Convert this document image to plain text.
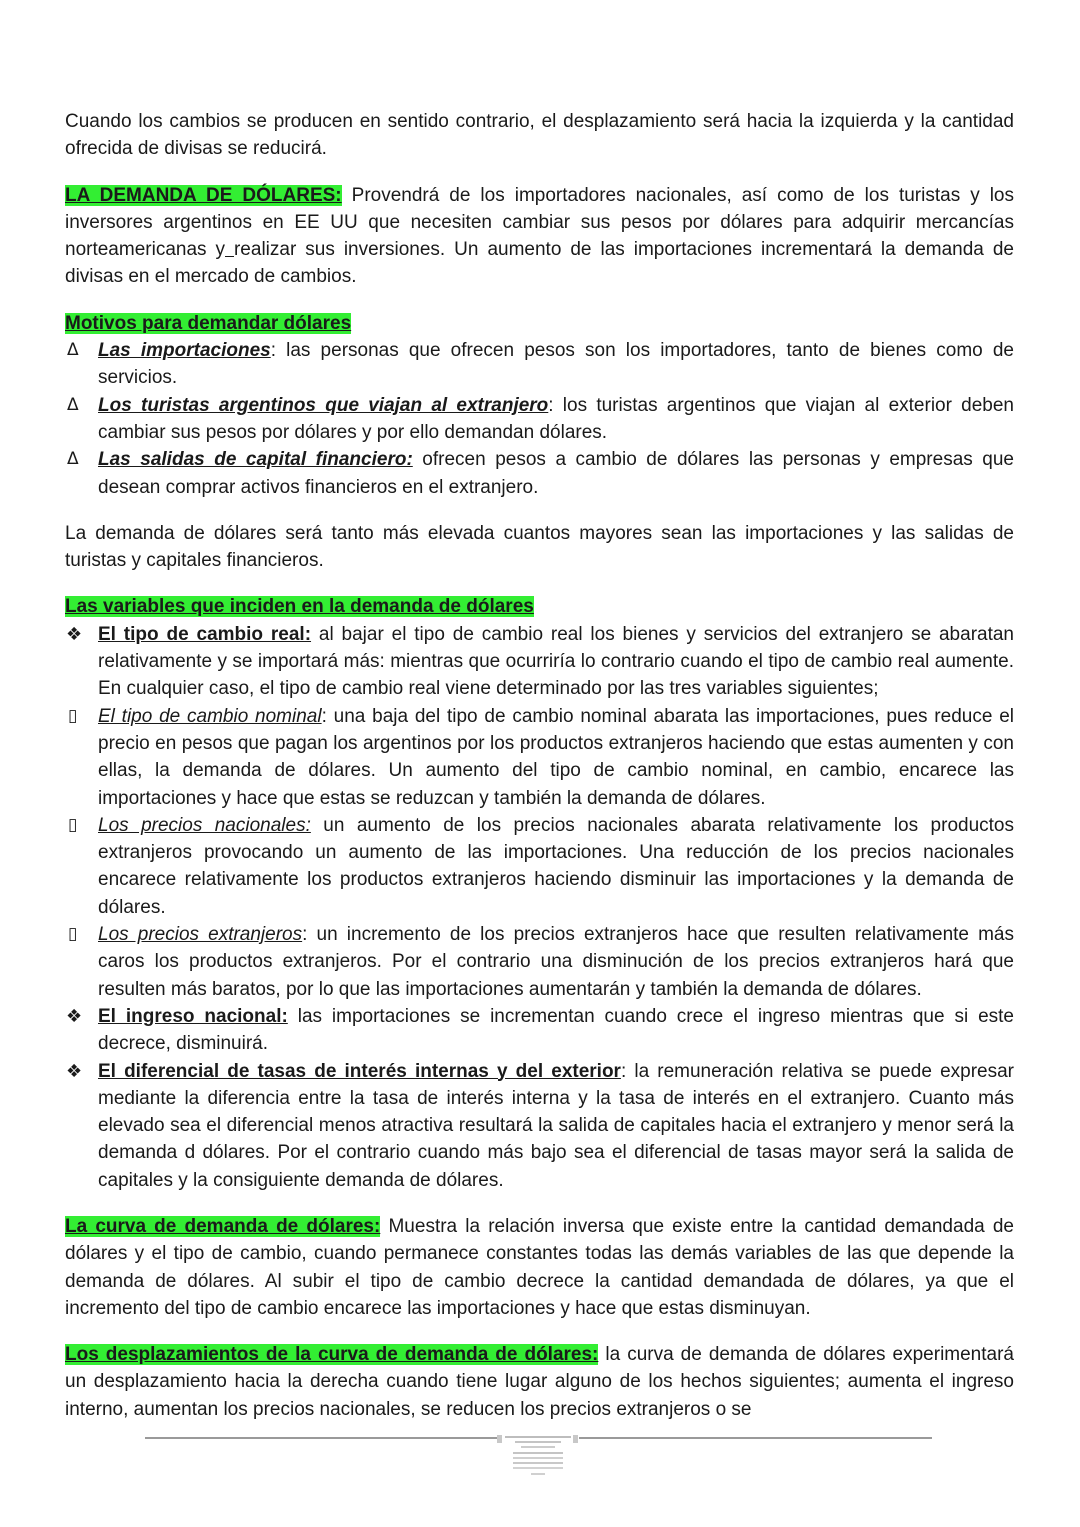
Cuando los cambios se producen en sentido contrario, el desplazamiento será hacia la izquierda y la cantidad ofrecida de divisas se reducirá.

LA DEMANDA DE DÓLARES: Provendrá de los importadores nacionales, así como de los turistas y los inversores argentinos en EE UU que necesiten cambiar sus pesos por dólares para adquirir mercancías norteamericanas y realizar sus inversiones. Un aumento de las importaciones incrementará la demanda de divisas en el mercado de cambios.

Motivos para demandar dólares
Δ	Las importaciones: las personas que ofrecen pesos son los importadores, tanto de bienes como de servicios.
Δ	Los turistas argentinos que viajan al extranjero: los turistas argentinos que viajan al exterior deben cambiar sus pesos por dólares y por ello demandan dólares.
Δ	Las salidas de capital financiero: ofrecen pesos a cambio de dólares las personas y empresas que desean comprar activos financieros en el extranjero.

La demanda de dólares será tanto más elevada cuantos mayores sean las importaciones y las salidas de turistas y capitales financieros.

Las variables que inciden en la demanda de dólares
❖ El tipo de cambio real: al bajar el tipo de cambio real los bienes y servicios del extranjero se abaratan relativamente y se importará más: mientras que ocurriría lo contrario cuando el tipo de cambio real aumente. En cualquier caso, el tipo de cambio real viene determinado por las tres variables siguientes;
▯	El tipo de cambio nominal: una baja del tipo de cambio nominal abarata las importaciones, pues reduce el precio en pesos que pagan los argentinos por los productos extranjeros haciendo que estas aumenten y con ellas, la demanda de dólares. Un aumento del tipo de cambio nominal, en cambio, encarece las importaciones y hace que estas se reduzcan y también la demanda de dólares.
▯	Los precios nacionales: un aumento de los precios nacionales abarata relativamente los productos extranjeros provocando un aumento de las importaciones. Una reducción de los precios nacionales encarece relativamente los productos extranjeros haciendo disminuir las importaciones y la demanda de dólares.
▯	Los precios extranjeros: un incremento de los precios extranjeros hace que resulten relativamente más caros los productos extranjeros. Por el contrario una disminución de los precios extranjeros hará que resulten más baratos, por lo que las importaciones aumentarán y también la demanda de dólares.
❖ El ingreso nacional: las importaciones se incrementan cuando crece el ingreso mientras que si este decrece, disminuirá.
❖ El diferencial de tasas de interés internas y del exterior: la remuneración relativa se puede expresar mediante la diferencia entre la tasa de interés interna y la tasa de interés en el extranjero. Cuanto más elevado sea el diferencial menos atractiva resultará la salida de capitales hacia el extranjero y menor será la demanda d dólares. Por el contrario cuando más bajo sea el diferencial de tasas mayor será la salida de capitales y la consiguiente demanda de dólares.

La curva de demanda de dólares: Muestra la relación inversa que existe entre la cantidad demandada de dólares y el tipo de cambio, cuando permanece constantes todas las demás variables de las que depende la demanda de dólares. Al subir el tipo de cambio decrece la cantidad demandada de dólares, ya que el incremento del tipo de cambio encarece las importaciones y hace que estas disminuyan.

Los desplazamientos de la curva de demanda de dólares: la curva de demanda de dólares experimentará un desplazamiento hacia la derecha cuando tiene lugar alguno de los hechos siguientes; aumenta el ingreso interno, aumentan los precios nacionales, se reducen los precios extranjeros o se
